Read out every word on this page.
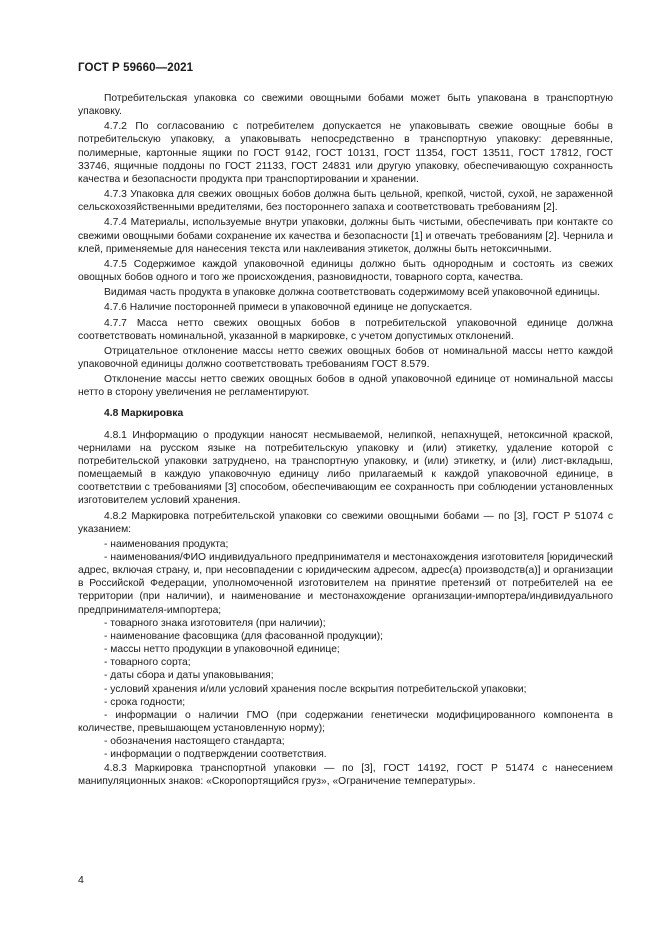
ГОСТ Р 59660—2021

Потребительская упаковка со свежими овощными бобами может быть упакована в транспортную упаковку.

4.7.2 По согласованию с потребителем допускается не упаковывать свежие овощные бобы в потребительскую упаковку, а упаковывать непосредственно в транспортную упаковку: деревянные, полимерные, картонные ящики по ГОСТ 9142, ГОСТ 10131, ГОСТ 11354, ГОСТ 13511, ГОСТ 17812, ГОСТ 33746, ящичные поддоны по ГОСТ 21133, ГОСТ 24831 или другую упаковку, обеспечивающую сохранность качества и безопасности продукта при транспортировании и хранении.

4.7.3 Упаковка для свежих овощных бобов должна быть цельной, крепкой, чистой, сухой, не зараженной сельскохозяйственными вредителями, без постороннего запаха и соответствовать требованиям [2].

4.7.4 Материалы, используемые внутри упаковки, должны быть чистыми, обеспечивать при контакте со свежими овощными бобами сохранение их качества и безопасности [1] и отвечать требованиям [2]. Чернила и клей, применяемые для нанесения текста или наклеивания этикеток, должны быть нетоксичными.

4.7.5 Содержимое каждой упаковочной единицы должно быть однородным и состоять из свежих овощных бобов одного и того же происхождения, разновидности, товарного сорта, качества.

Видимая часть продукта в упаковке должна соответствовать содержимому всей упаковочной единицы.

4.7.6 Наличие посторонней примеси в упаковочной единице не допускается.

4.7.7 Масса нетто свежих овощных бобов в потребительской упаковочной единице должна соответствовать номинальной, указанной в маркировке, с учетом допустимых отклонений.

Отрицательное отклонение массы нетто свежих овощных бобов от номинальной массы нетто каждой упаковочной единицы должно соответствовать требованиям ГОСТ 8.579.

Отклонение массы нетто свежих овощных бобов в одной упаковочной единице от номинальной массы нетто в сторону увеличения не регламентируют.

4.8 Маркировка

4.8.1 Информацию о продукции наносят несмываемой, нелипкой, непахнущей, нетоксичной краской, чернилами на русском языке на потребительскую упаковку и (или) этикетку, удаление которой с потребительской упаковки затруднено, на транспортную упаковку, и (или) этикетку, и (или) лист-вкладыш, помещаемый в каждую упаковочную единицу либо прилагаемый к каждой упаковочной единице, в соответствии с требованиями [3] способом, обеспечивающим ее сохранность при соблюдении установленных изготовителем условий хранения.

4.8.2 Маркировка потребительской упаковки со свежими овощными бобами — по [3], ГОСТ Р 51074 с указанием:

- наименования продукта;
- наименования/ФИО индивидуального предпринимателя и местонахождения изготовителя [юридический адрес, включая страну, и, при несовпадении с юридическим адресом, адрес(а) производств(а)] и организации в Российской Федерации, уполномоченной изготовителем на принятие претензий от потребителей на ее территории (при наличии), и наименование и местонахождение организации-импортера/индивидуального предпринимателя-импортера;
- товарного знака изготовителя (при наличии);
- наименование фасовщика (для фасованной продукции);
- массы нетто продукции в упаковочной единице;
- товарного сорта;
- даты сбора и даты упаковывания;
- условий хранения и/или условий хранения после вскрытия потребительской упаковки;
- срока годности;
- информации о наличии ГМО (при содержании генетически модифицированного компонента в количестве, превышающем установленную норму);
- обозначения настоящего стандарта;
- информации о подтверждении соответствия.

4.8.3 Маркировка транспортной упаковки — по [3], ГОСТ 14192, ГОСТ Р 51474 с нанесением манипуляционных знаков: «Скоропортящийся груз», «Ограничение температуры».

4
